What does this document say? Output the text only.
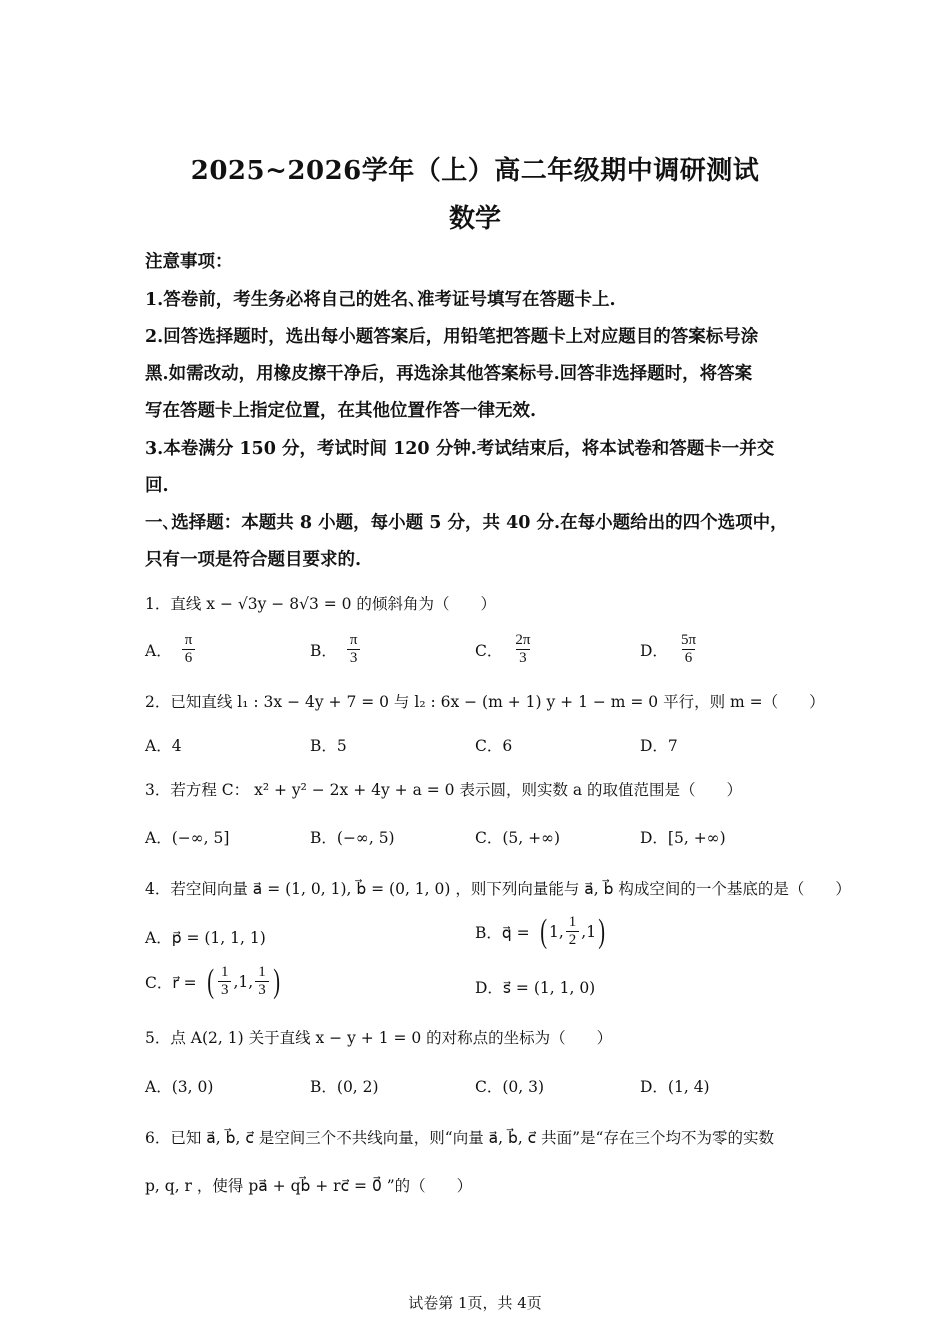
2025~2026学年（上）高二年级期中调研测试
数学
注意事项：
1.答卷前，考生务必将自己的姓名､准考证号填写在答题卡上.
2.回答选择题时，选出每小题答案后，用铅笔把答题卡上对应题目的答案标号涂
黑.如需改动，用橡皮擦干净后，再选涂其他答案标号.回答非选择题时，将答案
写在答题卡上指定位置，在其他位置作答一律无效.
3.本卷满分 150 分，考试时间 120 分钟.考试结束后，将本试卷和答题卡一并交
回.
一､选择题：本题共 8 小题，每小题 5 分，共 40 分.在每小题给出的四个选项中，
只有一项是符合题目要求的.
1．直线 x − √3y − 8√3 = 0 的倾斜角为（　　）
A． $\frac{\pi}{6}$	B． $\frac{\pi}{3}$	C． $\frac{2\pi}{3}$	D． $\frac{5\pi}{6}$
2．已知直线 l₁ : 3x − 4y + 7 = 0 与 l₂ : 6x − (m + 1) y + 1 − m = 0 平行，则 m =（　　）
A．4	B．5	C．6	D．7
3．若方程 C： x² + y² − 2x + 4y + a = 0 表示圆，则实数 a 的取值范围是（　　）
A．(−∞, 5]	B．(−∞, 5)	C．(5, +∞)	D．[5, +∞)
4．若空间向量 a⃗ = (1, 0, 1), b⃗ = (0, 1, 0) ，则下列向量能与 a⃗, b⃗ 构成空间的一个基底的是（　　）
A．p⃗ = (1, 1, 1)	B．q⃗ = ( 1, $\frac{1}{2} ,1$ )
C．r⃗ = ( $\frac{1}{3} ,1$, $\frac{1}{3}$ )	D．s⃗ = (1, 1, 0)
5．点 A(2, 1) 关于直线 x − y + 1 = 0 的对称点的坐标为（　　）
A．(3, 0)	B．(0, 2)	C．(0, 3)	D．(1, 4)
6．已知 a⃗, b⃗, c⃗ 是空间三个不共线向量，则“向量 a⃗, b⃗, c⃗ 共面”是“存在三个均不为零的实数
p, q, r ，使得 pa⃗ + qb⃗ + rc⃗ = 0⃗ ”的（　　）
试卷第 1页，共 4页
